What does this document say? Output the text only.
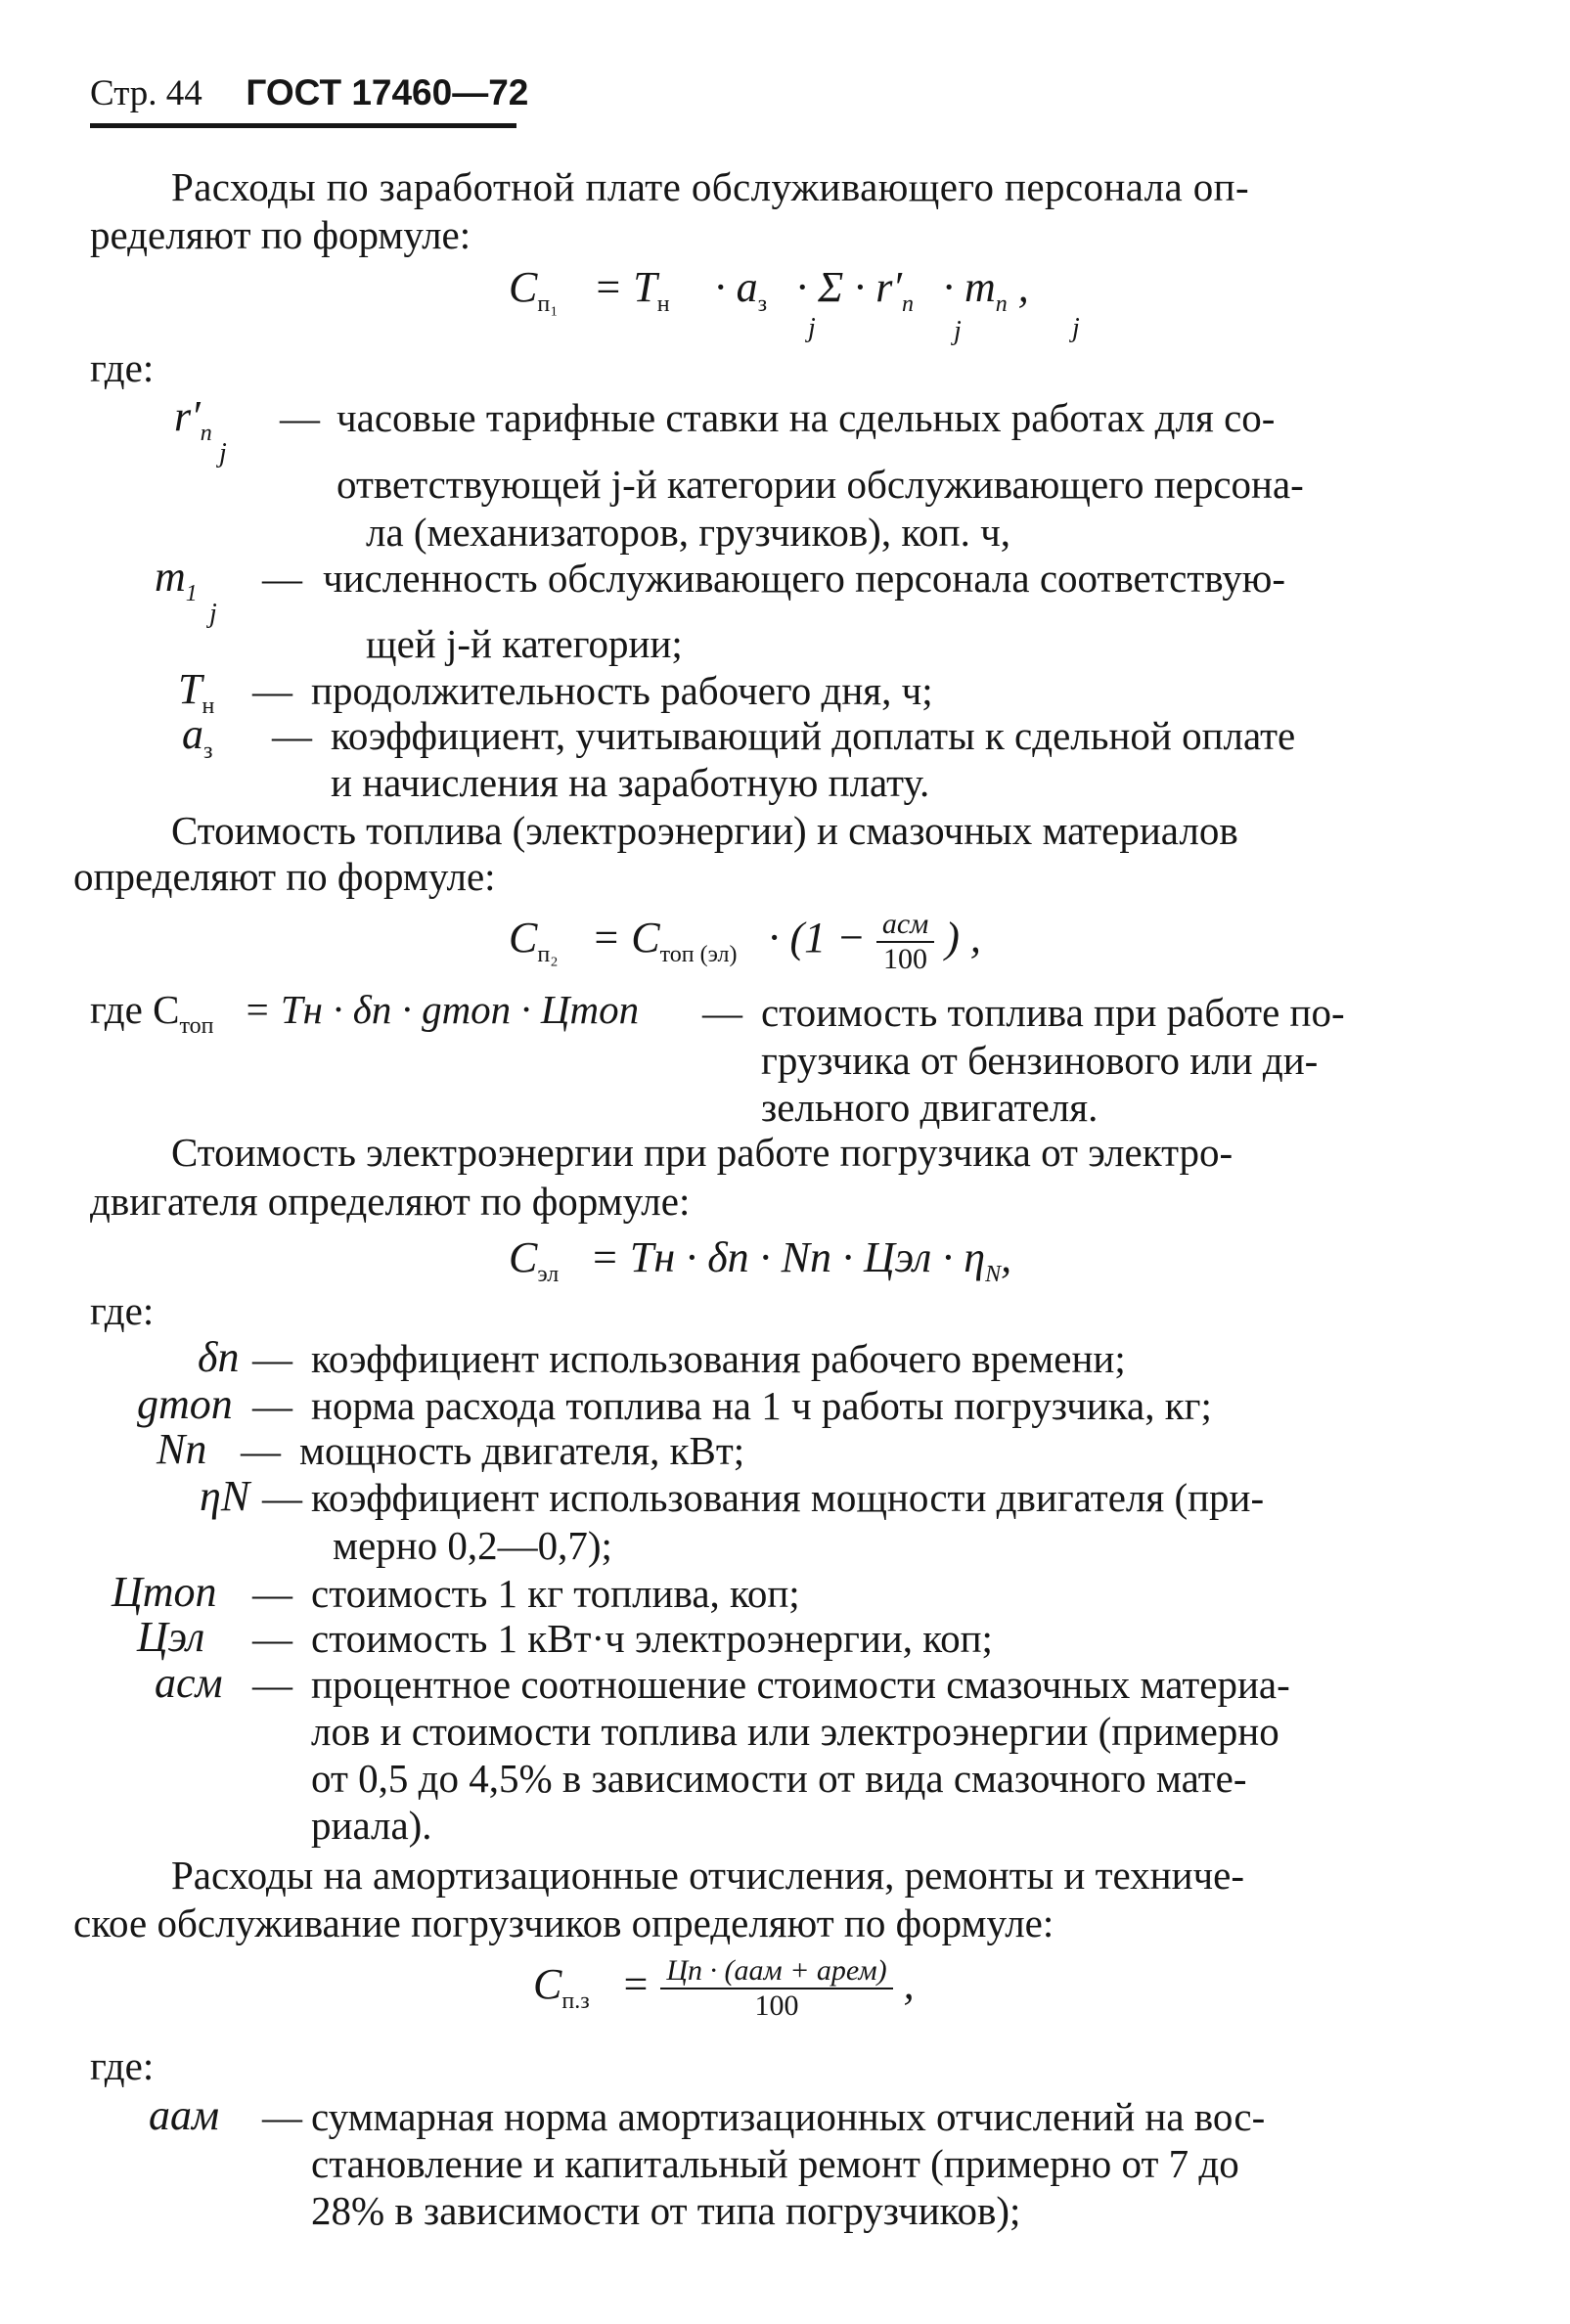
Стр. 44 ГОСТ 17460—72
Расходы по заработной плате обслуживающего персонала оп-
ределяют по формуле:
$C_{п_1} = T_н \cdot a_з \cdot \Sigma \cdot r'_n \cdot m_n$ ,
j	j	j
где:
$r'_n$
j
— часовые тарифные ставки на сдельных работах для со-
ответствующей j-й категории обслуживающего персона-
ла (механизаторов, грузчиков), коп. ч,
$m_1$
j
— численность обслуживающего персонала соответствую-
щей j-й категории;
$T_н$ — продолжительность рабочего дня, ч;
$a_з$ — коэффициент, учитывающий доплаты к сдельной оплате
и начисления на заработную плату.
Стоимость топлива (электроэнергии) и смазочных материалов
определяют по формуле:
$C_{п_2} = C_{топ (эл)} \cdot (1 - \frac{\text{aсм}}{100}$ ) ,
где $C_{топ}$ = Tн · δп · gтоп · Цтоп — стоимость топлива при работе по-
грузчика от бензинового или ди-
зельного двигателя.
Стоимость электроэнергии при работе погрузчика от электро-
двигателя определяют по формуле:
$C_{эл}$ = Tн · δп · Nп · Цэл · $\eta_N$,
где:
δп — коэффициент использования рабочего времени;
gтоп — норма расхода топлива на 1 ч работы погрузчика, кг;
Nп — мощность двигателя, кВт;
ηN — коэффициент использования мощности двигателя (при-
мерно 0,2—0,7);
Цтоп — стоимость 1 кг топлива, коп;
Цэл — стоимость 1 кВт·ч электроэнергии, коп;
aсм — процентное соотношение стоимости смазочных материа-
лов и стоимости топлива или электроэнергии (примерно
от 0,5 до 4,5% в зависимости от вида смазочного мате-
риала).
Расходы на амортизационные отчисления, ремонты и техниче-
ское обслуживание погрузчиков определяют по формуле:
$C_{п.з} = \frac{\text{Цп · (aам + aрем)}}{100}$ ,
где:
aам — суммарная норма амортизационных отчислений на вос-
становление и капитальный ремонт (примерно от 7 до
28% в зависимости от типа погрузчиков);
